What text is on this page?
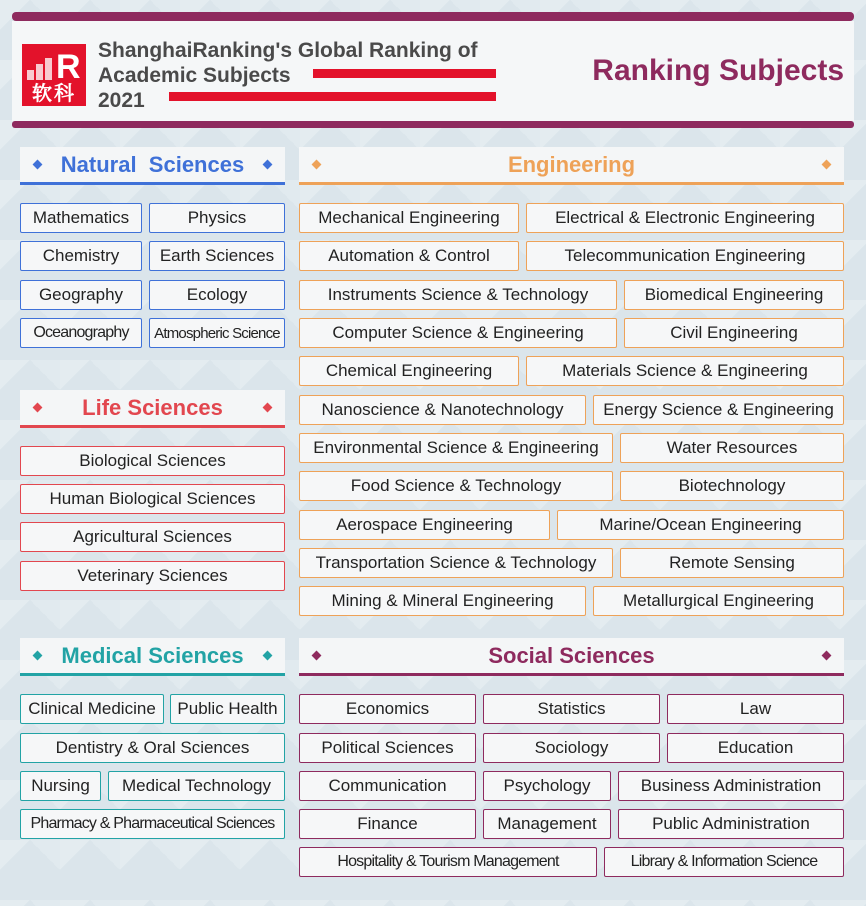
R
软科
ShanghaiRanking's Global Ranking of
Academic Subjects
2021
Ranking Subjects
Natural  Sciences
Mathematics	Physics
Chemistry	Earth Sciences
Geography	Ecology
Oceanography	Atmospheric Science
Life Sciences
Biological Sciences
Human Biological Sciences
Agricultural Sciences
Veterinary Sciences
Medical Sciences
Clinical Medicine	Public Health
Dentistry & Oral Sciences
Nursing	Medical Technology
Pharmacy & Pharmaceutical Sciences
Engineering
Mechanical Engineering	Electrical & Electronic Engineering
Automation & Control	Telecommunication Engineering
Instruments Science & Technology	Biomedical Engineering
Computer Science & Engineering	Civil Engineering
Chemical Engineering	Materials Science & Engineering
Nanoscience & Nanotechnology	Energy Science & Engineering
Environmental Science & Engineering	Water Resources
Food Science & Technology	Biotechnology
Aerospace Engineering	Marine/Ocean Engineering
Transportation Science & Technology	Remote Sensing
Mining & Mineral Engineering	Metallurgical Engineering
Social Sciences
Economics	Statistics	Law
Political Sciences	Sociology	Education
Communication	Psychology	Business Administration
Finance	Management	Public Administration
Hospitality & Tourism Management	Library & Information Science
